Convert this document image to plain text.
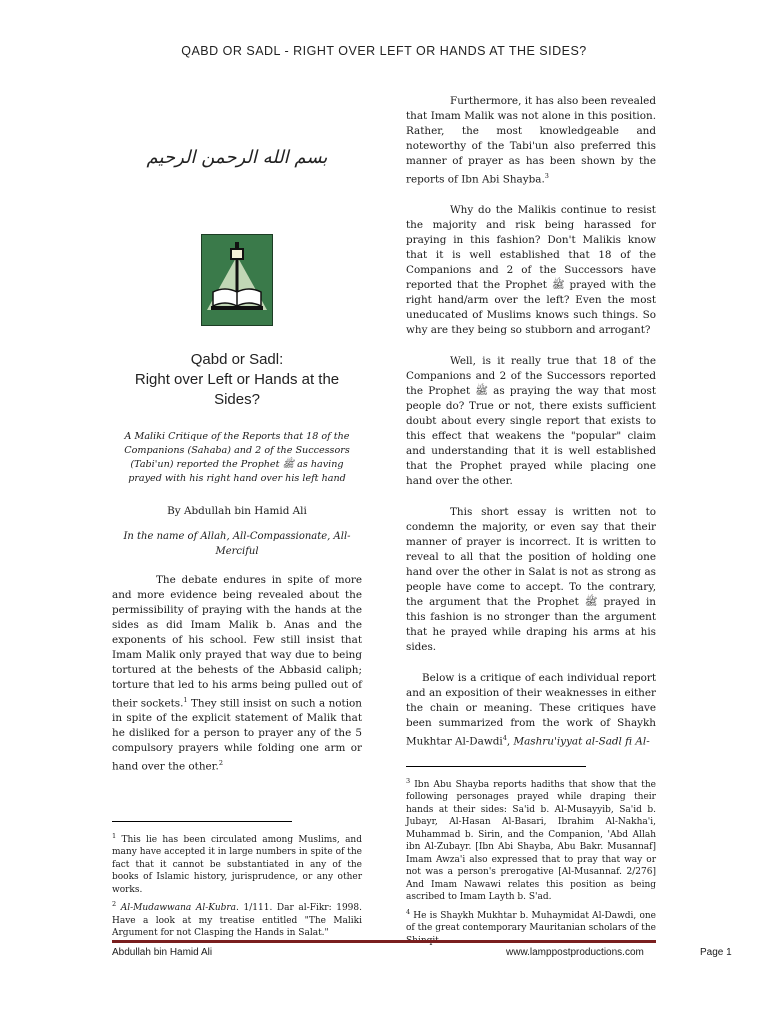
QABD OR SADL - RIGHT OVER LEFT OR HANDS AT THE SIDES?
بسم الله الرحمن الرحيم
Qabd or Sadl:
Right over Left or Hands at the Sides?
A Maliki Critique of the Reports that 18 of the Companions (Sahaba) and 2 of the Successors (Tabi'un) reported the Prophet ﷺ as having prayed with his right hand over his left hand
By Abdullah bin Hamid Ali
In the name of Allah, All-Compassionate, All-Merciful

The debate endures in spite of more and more evidence being revealed about the permissibility of praying with the hands at the sides as did Imam Malik b. Anas and the exponents of his school. Few still insist that Imam Malik only prayed that way due to being tortured at the behests of the Abbasid caliph; torture that led to his arms being pulled out of their sockets.$^1$ They still insist on such a notion in spite of the explicit statement of Malik that he disliked for a person to prayer any of the 5 compulsory prayers while folding one arm or hand over the other.$^2$

$^1$ This lie has been circulated among Muslims, and many have accepted it in large numbers in spite of the fact that it cannot be substantiated in any of the books of Islamic history, jurisprudence, or any other works.
$^2$ Al-Mudawwana Al-Kubra. 1/111. Dar al-Fikr: 1998. Have a look at my treatise entitled "The Maliki Argument for not Clasping the Hands in Salat."

Furthermore, it has also been revealed that Imam Malik was not alone in this position. Rather, the most knowledgeable and noteworthy of the Tabi'un also preferred this manner of prayer as has been shown by the reports of Ibn Abi Shayba.$^3$

Why do the Malikis continue to resist the majority and risk being harassed for praying in this fashion? Don't Malikis know that it is well established that 18 of the Companions and 2 of the Successors have reported that the Prophet ﷺ prayed with the right hand/arm over the left? Even the most uneducated of Muslims knows such things. So why are they being so stubborn and arrogant?

Well, is it really true that 18 of the Companions and 2 of the Successors reported the Prophet ﷺ as praying the way that most people do? True or not, there exists sufficient doubt about every single report that exists to this effect that weakens the "popular" claim and understanding that it is well established that the Prophet prayed while placing one hand over the other.

This short essay is written not to condemn the majority, or even say that their manner of prayer is incorrect. It is written to reveal to all that the position of holding one hand over the other in Salat is not as strong as people have come to accept. To the contrary, the argument that the Prophet ﷺ prayed in this fashion is no stronger than the argument that he prayed while draping his arms at his sides.

Below is a critique of each individual report and an exposition of their weaknesses in either the chain or meaning. These critiques have been summarized from the work of Shaykh Mukhtar Al-Dawdi$^4$, Mashru'iyyat al-Sadl fi Al-

$^3$ Ibn Abu Shayba reports hadiths that show that the following personages prayed while draping their hands at their sides: Sa'id b. Al-Musayyib, Sa'id b. Jubayr, Al-Hasan Al-Basari, Ibrahim Al-Nakha'i, Muhammad b. Sirin, and the Companion, 'Abd Allah ibn Al-Zubayr. [Ibn Abi Shayba, Abu Bakr. Musannaf] Imam Awza'i also expressed that to pray that way or not was a person's prerogative [Al-Musannaf. 2/276] And Imam Nawawi relates this position as being ascribed to Imam Layth b. S'ad.
$^4$ He is Shaykh Mukhtar b. Muhaymidat Al-Dawdi, one of the great contemporary Mauritanian scholars of the
Abdullah bin Hamid Ali	www.lamppostproductions.com	Page 1
